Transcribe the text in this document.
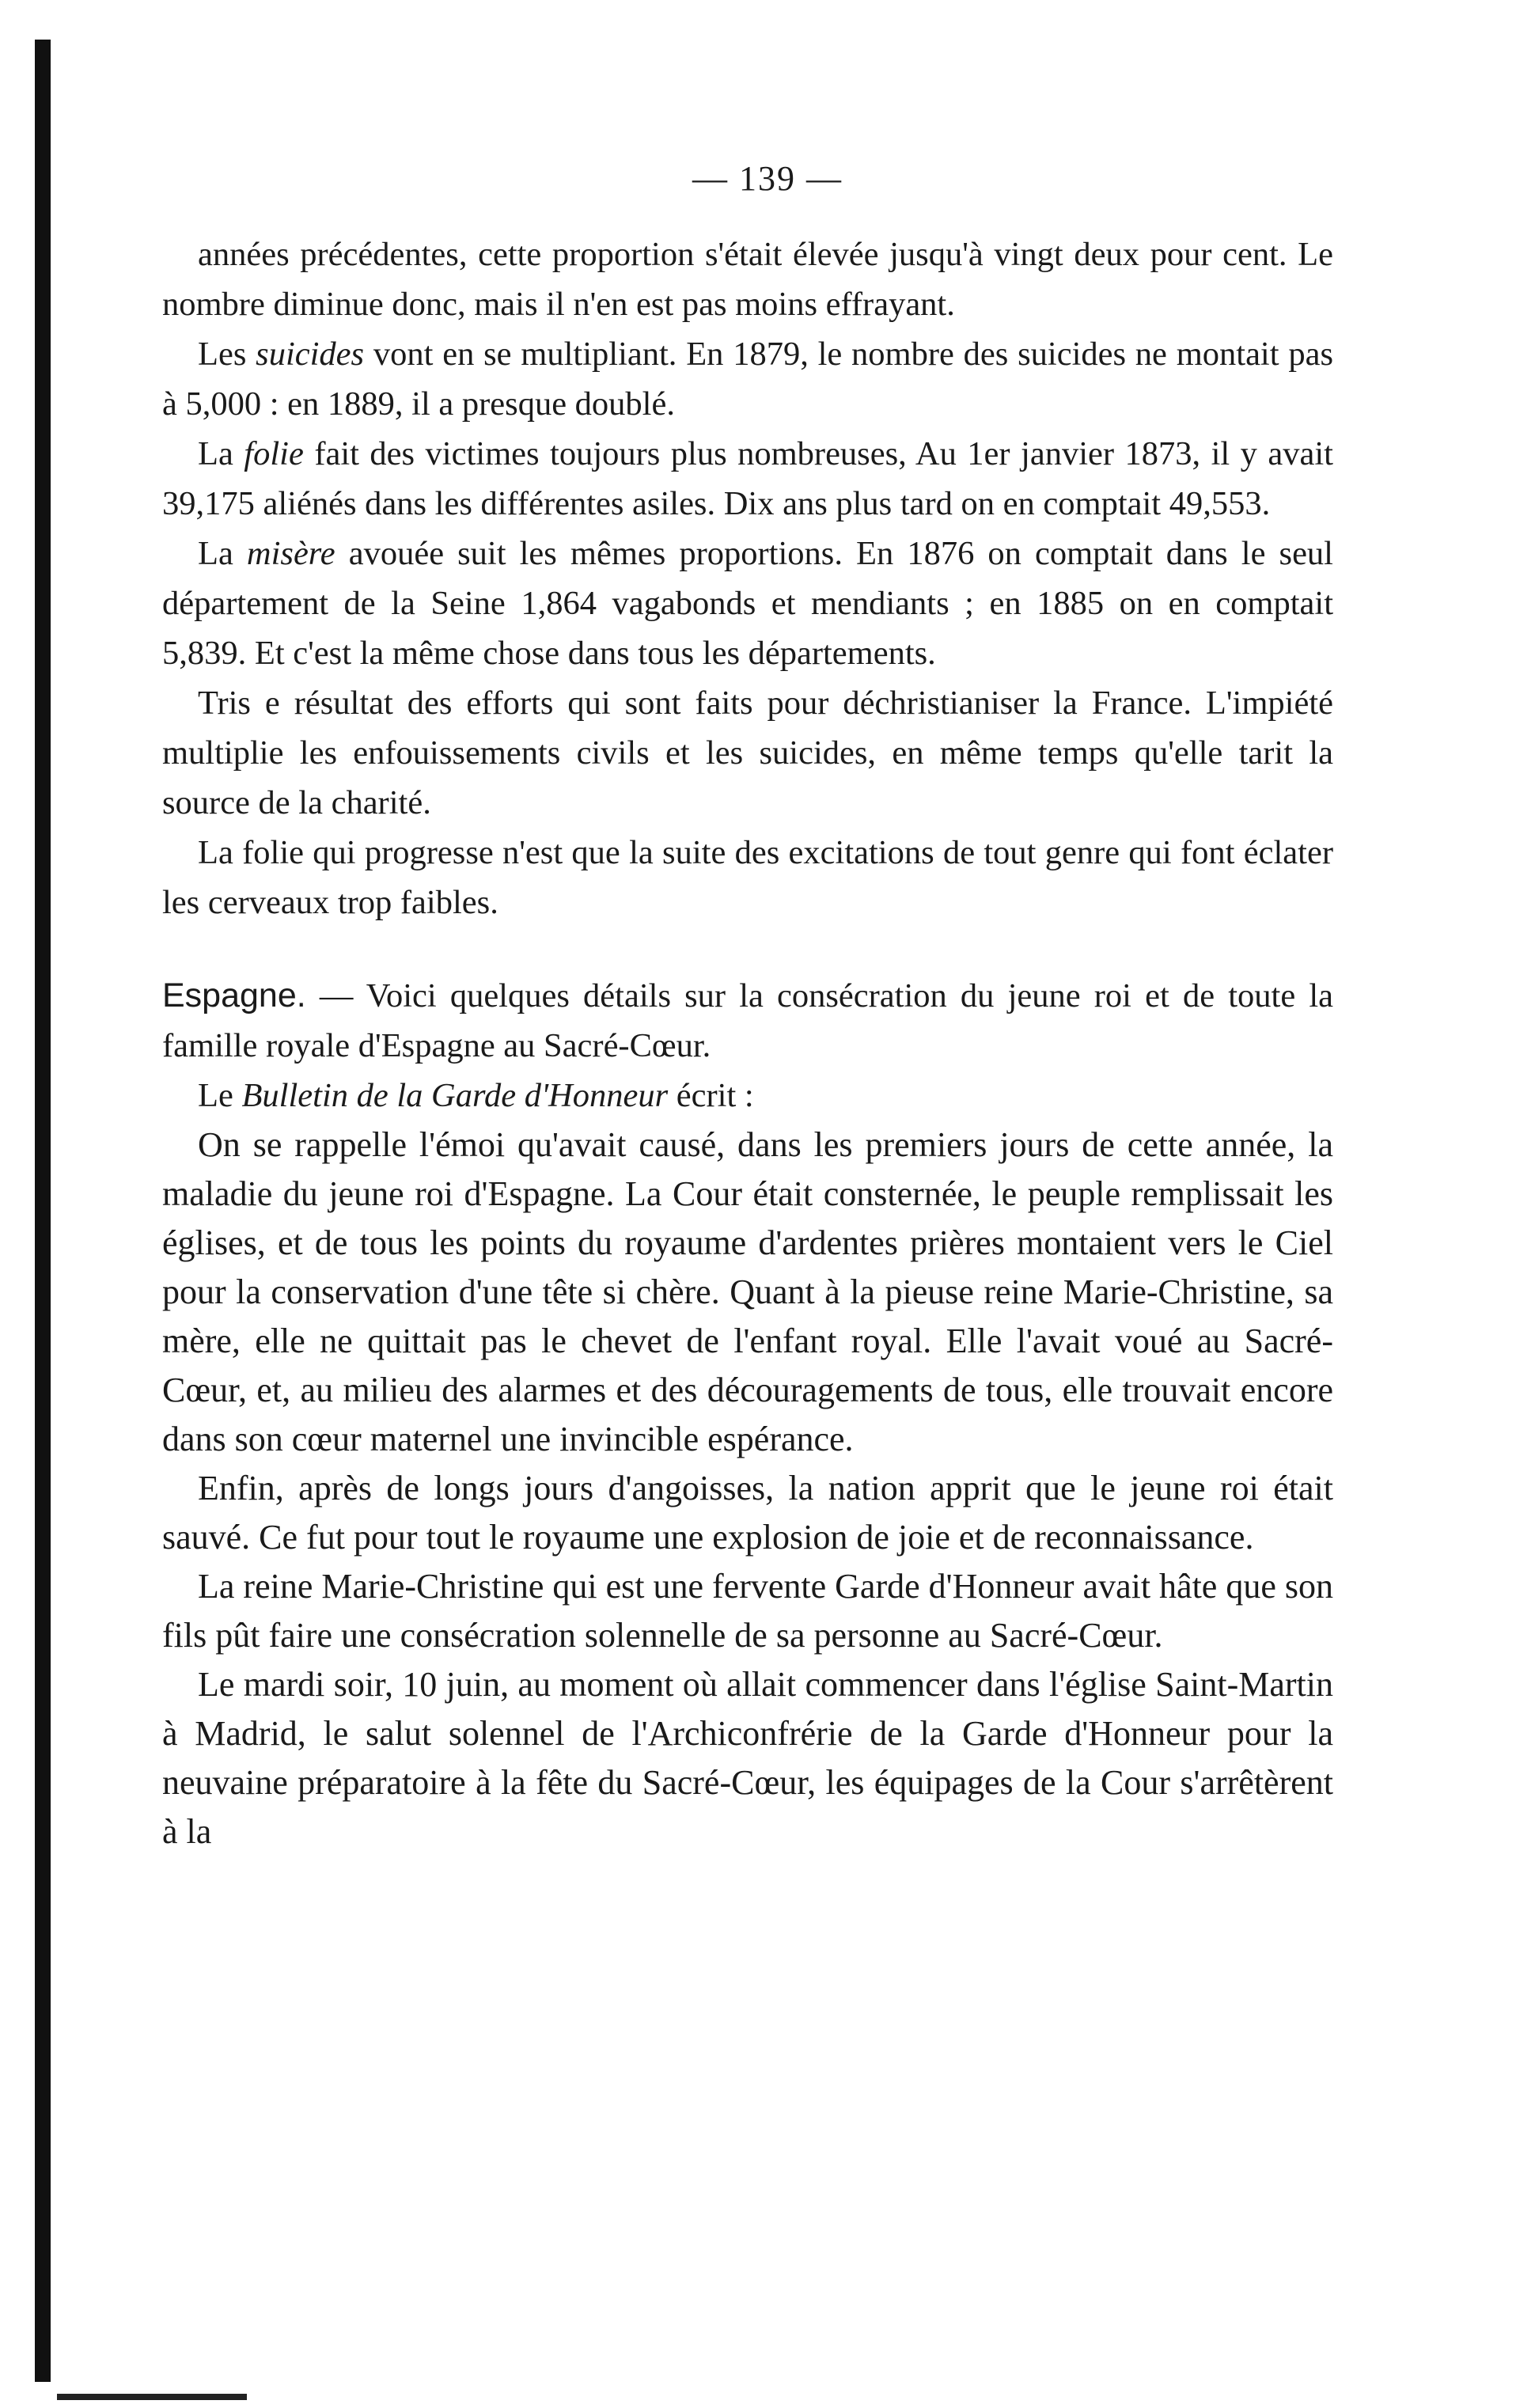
— 139 —

années précédentes, cette proportion s'était élevée jusqu'à vingt deux pour cent. Le nombre diminue donc, mais il n'en est pas moins effrayant.

Les suicides vont en se multipliant. En 1879, le nombre des suicides ne montait pas à 5,000 : en 1889, il a presque doublé.

La folie fait des victimes toujours plus nombreuses, Au 1er janvier 1873, il y avait 39,175 aliénés dans les différentes asiles. Dix ans plus tard on en comptait 49,553.

La misère avouée suit les mêmes proportions. En 1876 on comptait dans le seul département de la Seine 1,864 vagabonds et mendiants ; en 1885 on en comptait 5,839. Et c'est la même chose dans tous les départements.

Tris e résultat des efforts qui sont faits pour déchristianiser la France. L'impiété multiplie les enfouissements civils et les suicides, en même temps qu'elle tarit la source de la charité.

La folie qui progresse n'est que la suite des excitations de tout genre qui font éclater les cerveaux trop faibles.

Espagne. — Voici quelques détails sur la consécration du jeune roi et de toute la famille royale d'Espagne au Sacré-Cœur.

Le Bulletin de la Garde d'Honneur écrit :

On se rappelle l'émoi qu'avait causé, dans les premiers jours de cette année, la maladie du jeune roi d'Espagne. La Cour était consternée, le peuple remplissait les églises, et de tous les points du royaume d'ardentes prières montaient vers le Ciel pour la conservation d'une tête si chère. Quant à la pieuse reine Marie-Christine, sa mère, elle ne quittait pas le chevet de l'enfant royal. Elle l'avait voué au Sacré-Cœur, et, au milieu des alarmes et des découragements de tous, elle trouvait encore dans son cœur maternel une invincible espérance.

Enfin, après de longs jours d'angoisses, la nation apprit que le jeune roi était sauvé. Ce fut pour tout le royaume une explosion de joie et de reconnaissance.

La reine Marie-Christine qui est une fervente Garde d'Honneur avait hâte que son fils pût faire une consécration solennelle de sa personne au Sacré-Cœur.

Le mardi soir, 10 juin, au moment où allait commencer dans l'église Saint-Martin à Madrid, le salut solennel de l'Archiconfrérie de la Garde d'Honneur pour la neuvaine préparatoire à la fête du Sacré-Cœur, les équipages de la Cour s'arrêtèrent à la
